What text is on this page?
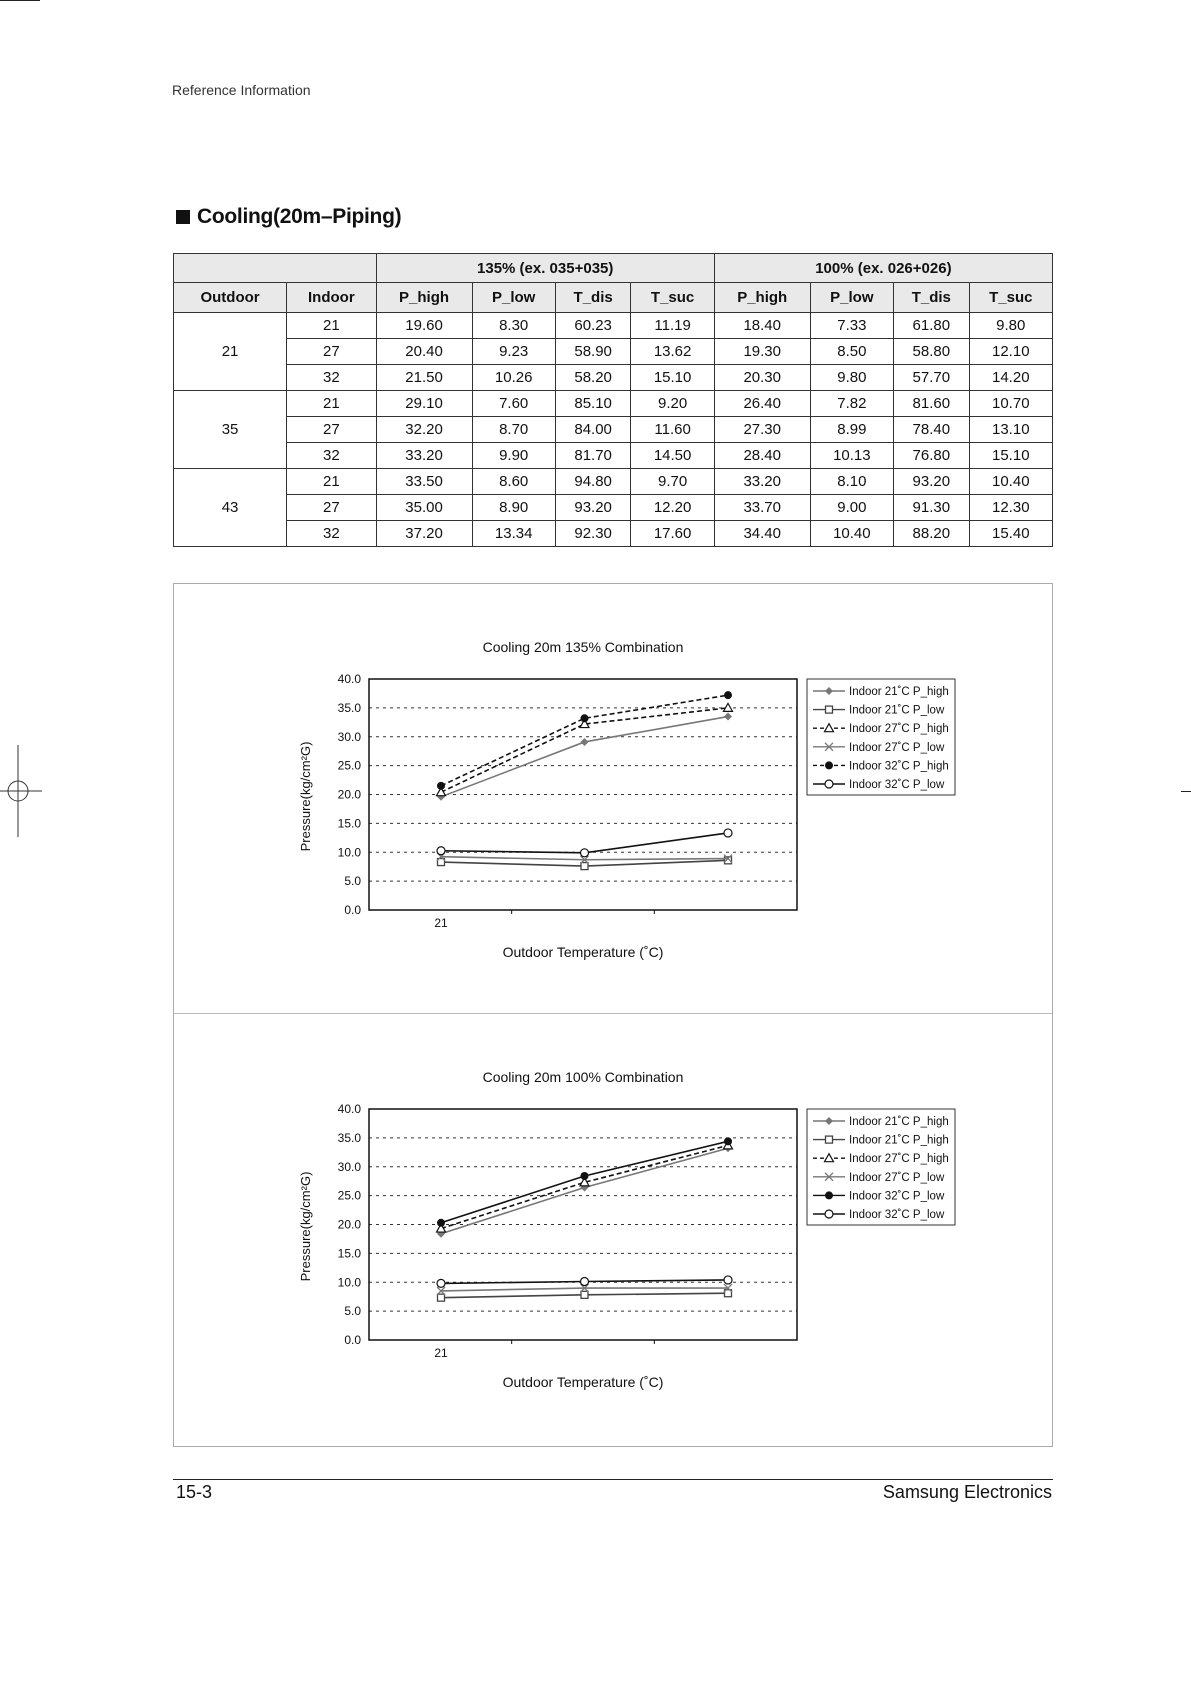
Reference Information
Cooling(20m–Piping)
		135% (ex. 035+035)				100% (ex. 026+026)			
Outdoor	Indoor	P_high	P_low	T_dis	T_suc	P_high	P_low	T_dis	T_suc
21	21	19.60	8.30	60.23	11.19	18.40	7.33	61.80	9.80
	27	20.40	9.23	58.90	13.62	19.30	8.50	58.80	12.10
	32	21.50	10.26	58.20	15.10	20.30	9.80	57.70	14.20
35	21	29.10	7.60	85.10	9.20	26.40	7.82	81.60	10.70
	27	32.20	8.70	84.00	11.60	27.30	8.99	78.40	13.10
	32	33.20	9.90	81.70	14.50	28.40	10.13	76.80	15.10
43	21	33.50	8.60	94.80	9.70	33.20	8.10	93.20	10.40
	27	35.00	8.90	93.20	12.20	33.70	9.00	91.30	12.30
	32	37.20	13.34	92.30	17.60	34.40	10.40	88.20	15.40
Cooling 20m 135% Combination
0.0
5.0
10.0
15.0
20.0
25.0
30.0
35.0
40.0
21
Outdoor Temperature (˚C)
Pressure(kg/cm²G)
Indoor 21˚C P_high
Indoor 21˚C P_low
Indoor 27˚C P_high
Indoor 27˚C P_low
Indoor 32˚C P_high
Indoor 32˚C P_low
Cooling 20m 100% Combination
0.0
5.0
10.0
15.0
20.0
25.0
30.0
35.0
40.0
21
Outdoor Temperature (˚C)
Pressure(kg/cm²G)
Indoor 21˚C P_high
Indoor 21˚C P_high
Indoor 27˚C P_high
Indoor 27˚C P_low
Indoor 32˚C P_low
Indoor 32˚C P_low
15-3	Samsung Electronics
